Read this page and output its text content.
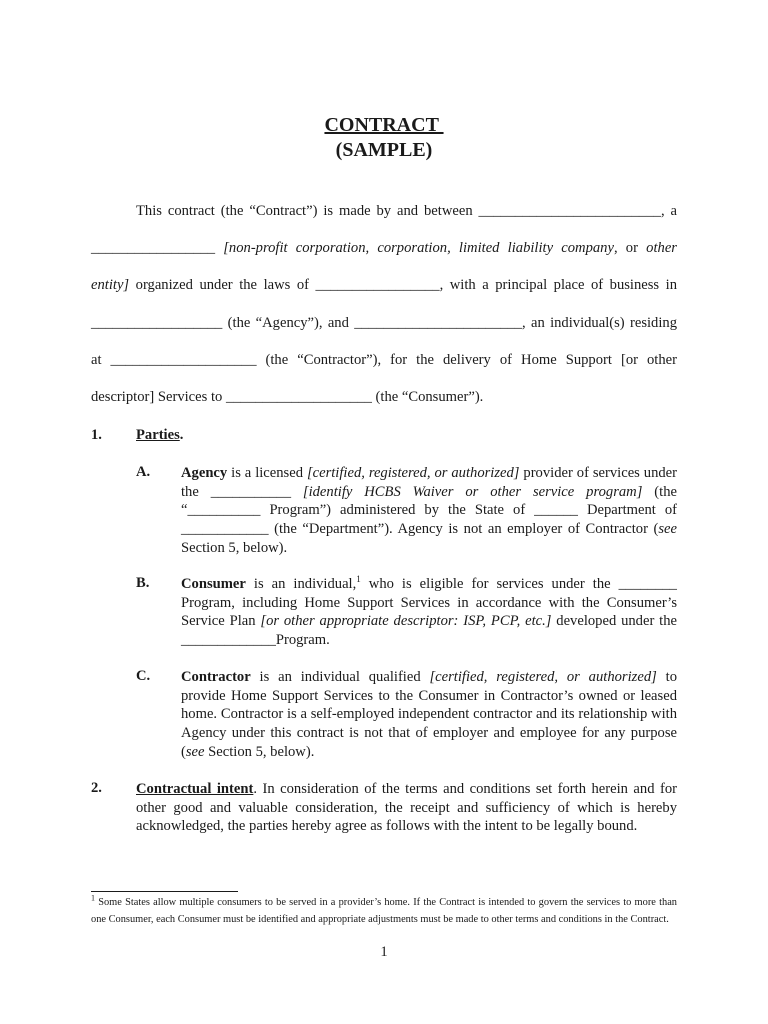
CONTRACT
(SAMPLE)
This contract (the “Contract”) is made by and between _________________________, a _________________ [non-profit corporation, corporation, limited liability company, or other entity] organized under the laws of _________________, with a principal place of business in __________________ (the “Agency”), and _______________________, an individual(s) residing at ____________________ (the “Contractor”), for the delivery of Home Support [or other descriptor] Services to ____________________ (the “Consumer”).
1. Parties.
A. Agency is a licensed [certified, registered, or authorized] provider of services under the ___________ [identify HCBS Waiver or other service program] (the “__________ Program”) administered by the State of ______ Department of ____________ (the “Department”). Agency is not an employer of Contractor (see Section 5, below).
B. Consumer is an individual,$^1$ who is eligible for services under the ________ Program, including Home Support Services in accordance with the Consumer’s Service Plan [or other appropriate descriptor: ISP, PCP, etc.] developed under the _____________Program.
C. Contractor is an individual qualified [certified, registered, or authorized] to provide Home Support Services to the Consumer in Contractor’s owned or leased home. Contractor is a self-employed independent contractor and its relationship with Agency under this contract is not that of employer and employee for any purpose (see Section 5, below).
2. Contractual intent. In consideration of the terms and conditions set forth herein and for other good and valuable consideration, the receipt and sufficiency of which is hereby acknowledged, the parties hereby agree as follows with the intent to be legally bound.
$^1$ Some States allow multiple consumers to be served in a provider’s home. If the Contract is intended to govern the services to more than one Consumer, each Consumer must be identified and appropriate adjustments must be made to other terms and conditions in the Contract.
1
